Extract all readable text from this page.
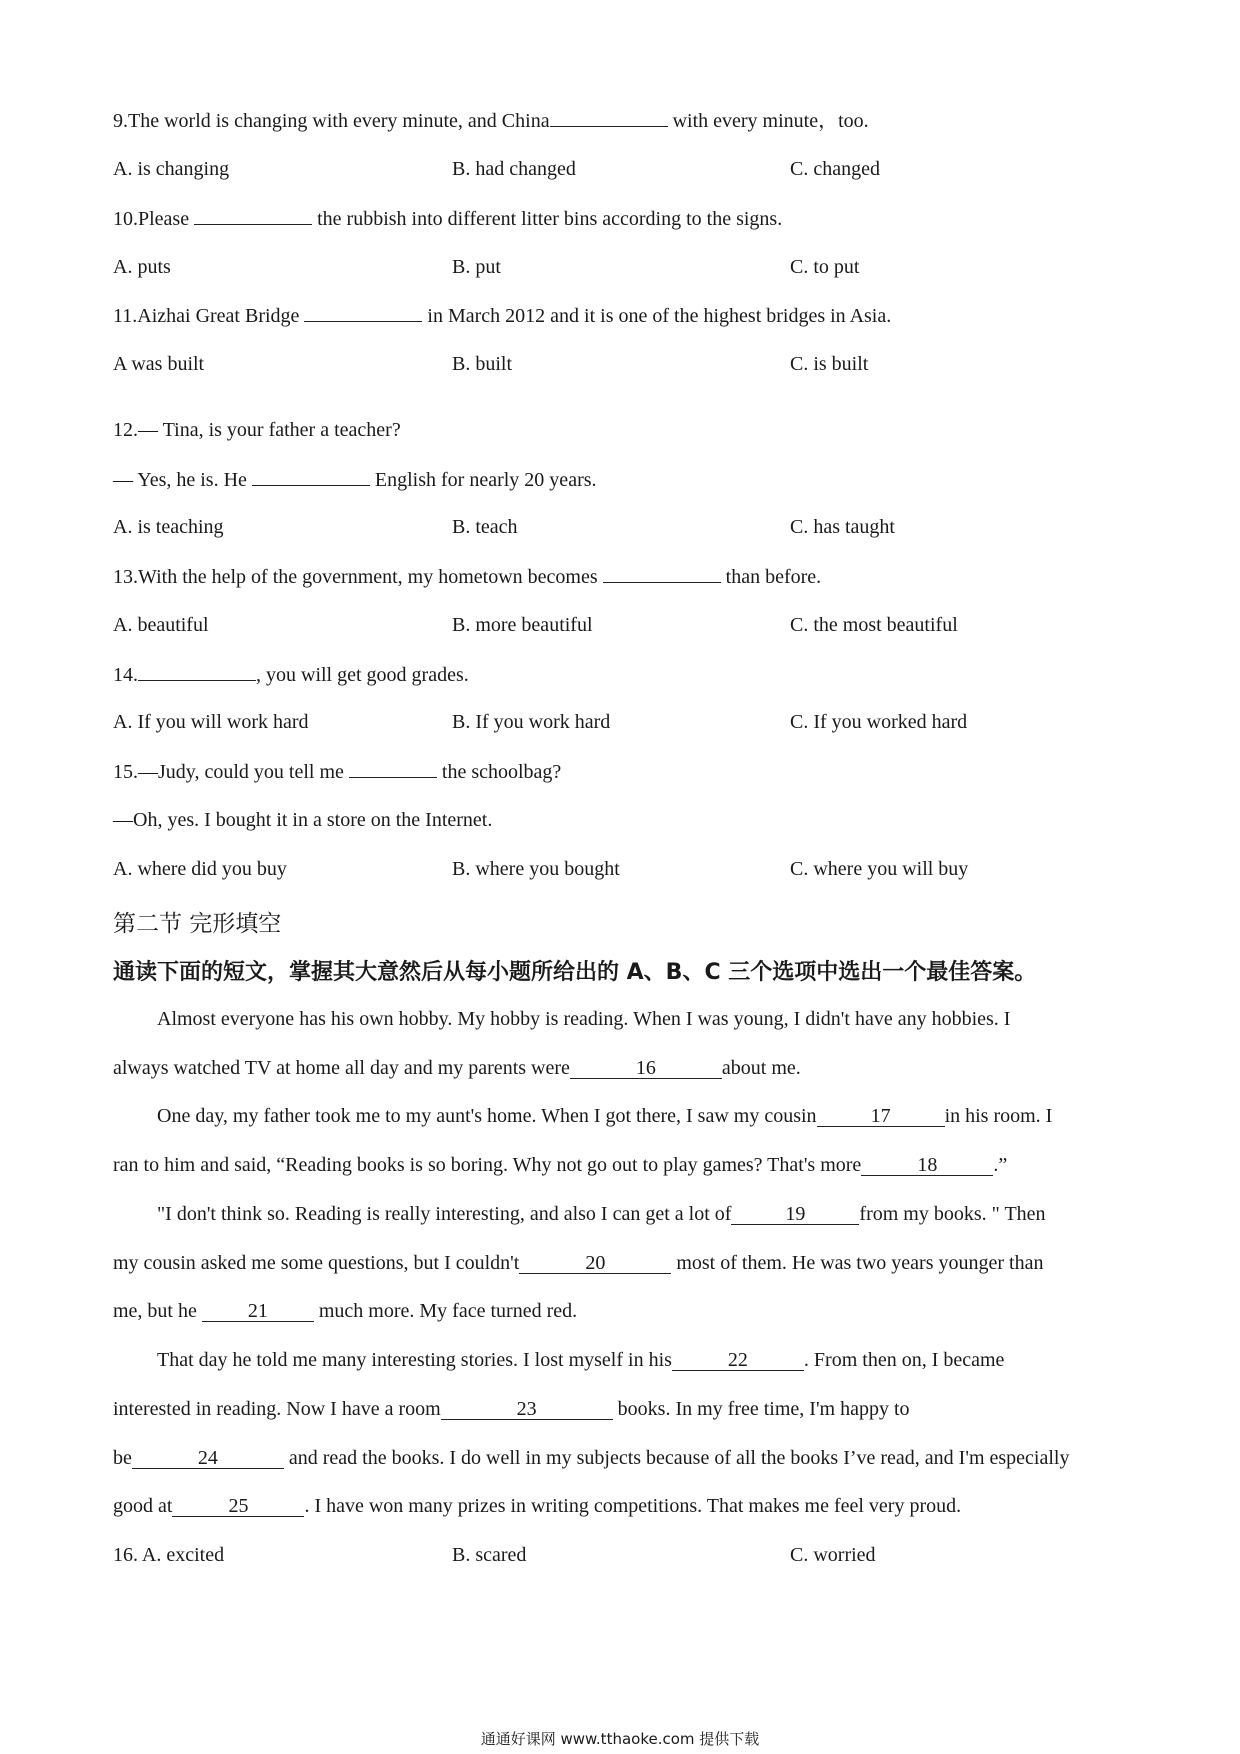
9.The world is changing with every minute, and China	with every minute，too.
A. is changing	B. had changed	C. changed
10.Please	the rubbish into different litter bins according to the signs.
A. puts	B. put	C. to put
11.Aizhai Great Bridge	in March 2012 and it is one of the highest bridges in Asia.
A was built	B. built	C. is built
12.— Tina, is your father a teacher?
— Yes, he is. He	English for nearly 20 years.
A. is teaching	B. teach	C. has taught
13.With the help of the government, my hometown becomes	than before.
A. beautiful	B. more beautiful	C. the most beautiful
14.	, you will get good grades.
A. If you will work hard	B. If you work hard	C. If you worked hard
15.—Judy, could you tell me	the schoolbag?
—Oh, yes. I bought it in a store on the Internet.
A. where did you buy	B. where you bought	C. where you will buy
第二节 完形填空
通读下面的短文，掌握其大意然后从每小题所给出的 A、B、C 三个选项中选出一个最佳答案。
Almost everyone has his own hobby. My hobby is reading. When I was young, I didn't have any hobbies. I
always watched TV at home all day and my parents were	16	about me.
One day, my father took me to my aunt's home. When I got there, I saw my cousin	17	in his room. I
ran to him and said, “Reading books is so boring. Why not go out to play games? That's more	18	.”
"I don't think so. Reading is really interesting, and also I can get a lot of	19	from my books. " Then
my cousin asked me some questions, but I couldn't	20	most of them. He was two years younger than
me, but he 21 much more. My face turned red.
That day he told me many interesting stories. I lost myself in his	22	. From then on, I became
interested in reading. Now I have a room	23	books. In my free time, I'm happy to
be	24	and read the books. I do well in my subjects because of all the books I’ve read, and I'm especially
good at	25	. I have won many prizes in writing competitions. That makes me feel very proud.
16. A. excited	B. scared	C. worried
通通好课网 www.tthaoke.com 提供下载
